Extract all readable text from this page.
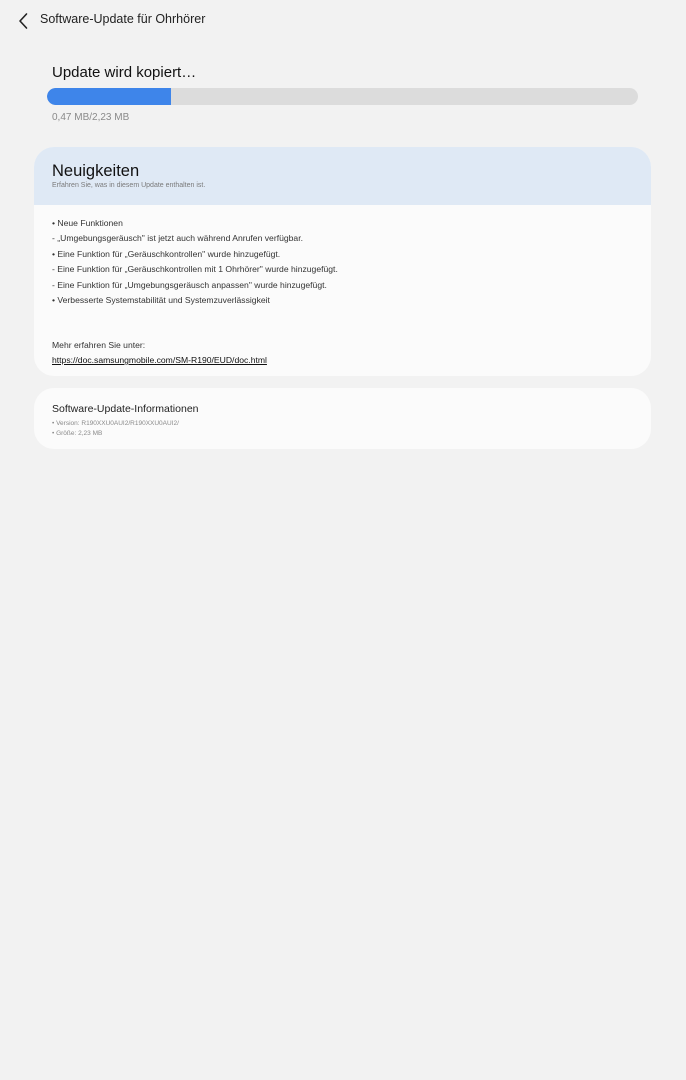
Software-Update für Ohrhörer
Update wird kopiert…
0,47 MB/2,23 MB
Neuigkeiten
Erfahren Sie, was in diesem Update enthalten ist.
• Neue Funktionen
- „Umgebungsgeräusch" ist jetzt auch während Anrufen verfügbar.
• Eine Funktion für „Geräuschkontrollen" wurde hinzugefügt.
- Eine Funktion für „Geräuschkontrollen mit 1 Ohrhörer" wurde hinzugefügt.
- Eine Funktion für „Umgebungsgeräusch anpassen" wurde hinzugefügt.
• Verbesserte Systemstabilität und Systemzuverlässigkeit
Mehr erfahren Sie unter:
https://doc.samsungmobile.com/SM-R190/EUD/doc.html
Software-Update-Informationen
• Version: R190XXU0AUI2/R190XXU0AUI2/
• Größe: 2,23 MB
